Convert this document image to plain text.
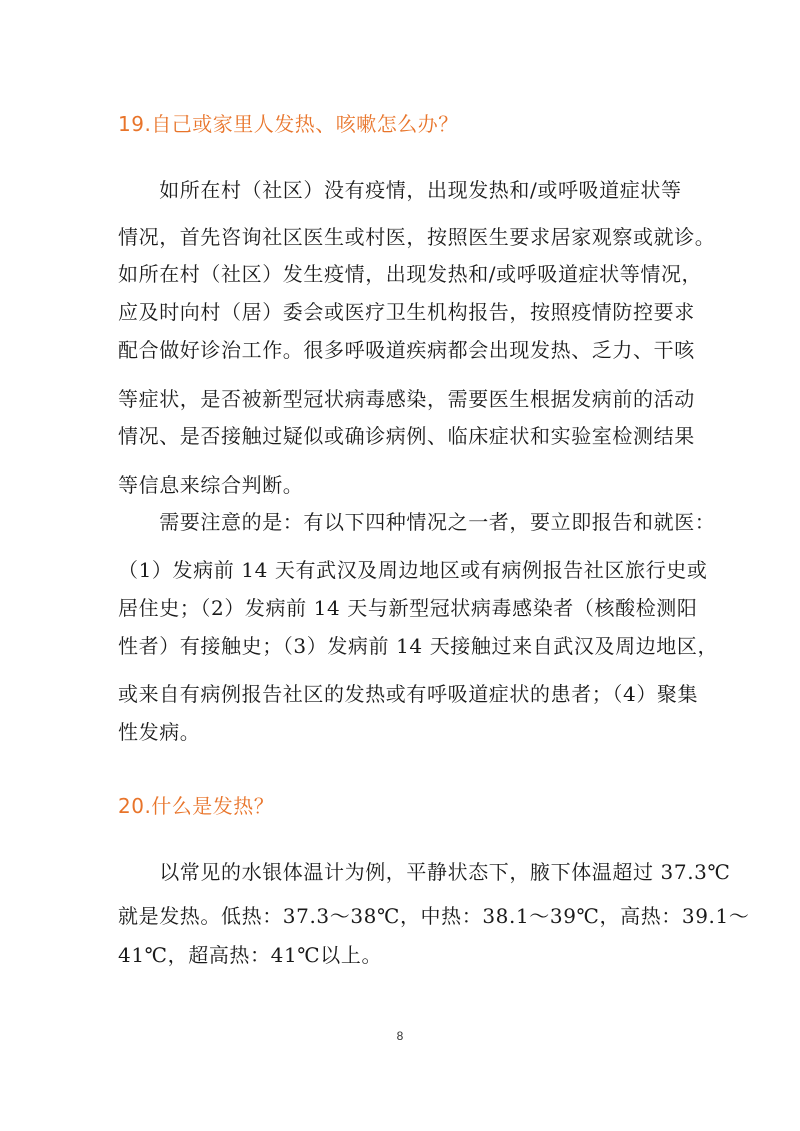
19.自己或家里人发热、咳嗽怎么办？
　　如所在村（社区）没有疫情，出现发热和/或呼吸道症状等
情况，首先咨询社区医生或村医，按照医生要求居家观察或就诊。
如所在村（社区）发生疫情，出现发热和/或呼吸道症状等情况，
应及时向村（居）委会或医疗卫生机构报告，按照疫情防控要求
配合做好诊治工作。很多呼吸道疾病都会出现发热、乏力、干咳
等症状，是否被新型冠状病毒感染，需要医生根据发病前的活动
情况、是否接触过疑似或确诊病例、临床症状和实验室检测结果
等信息来综合判断。
　　需要注意的是：有以下四种情况之一者，要立即报告和就医：
（1）发病前 14 天有武汉及周边地区或有病例报告社区旅行史或
居住史；（2）发病前 14 天与新型冠状病毒感染者（核酸检测阳
性者）有接触史；（3）发病前 14 天接触过来自武汉及周边地区，
或来自有病例报告社区的发热或有呼吸道症状的患者；（4）聚集
性发病。
20.什么是发热？
　　以常见的水银体温计为例，平静状态下，腋下体温超过 37.3℃
就是发热。低热：37.3～38℃，中热：38.1～39℃，高热：39.1～
41℃，超高热：41℃以上。
8
